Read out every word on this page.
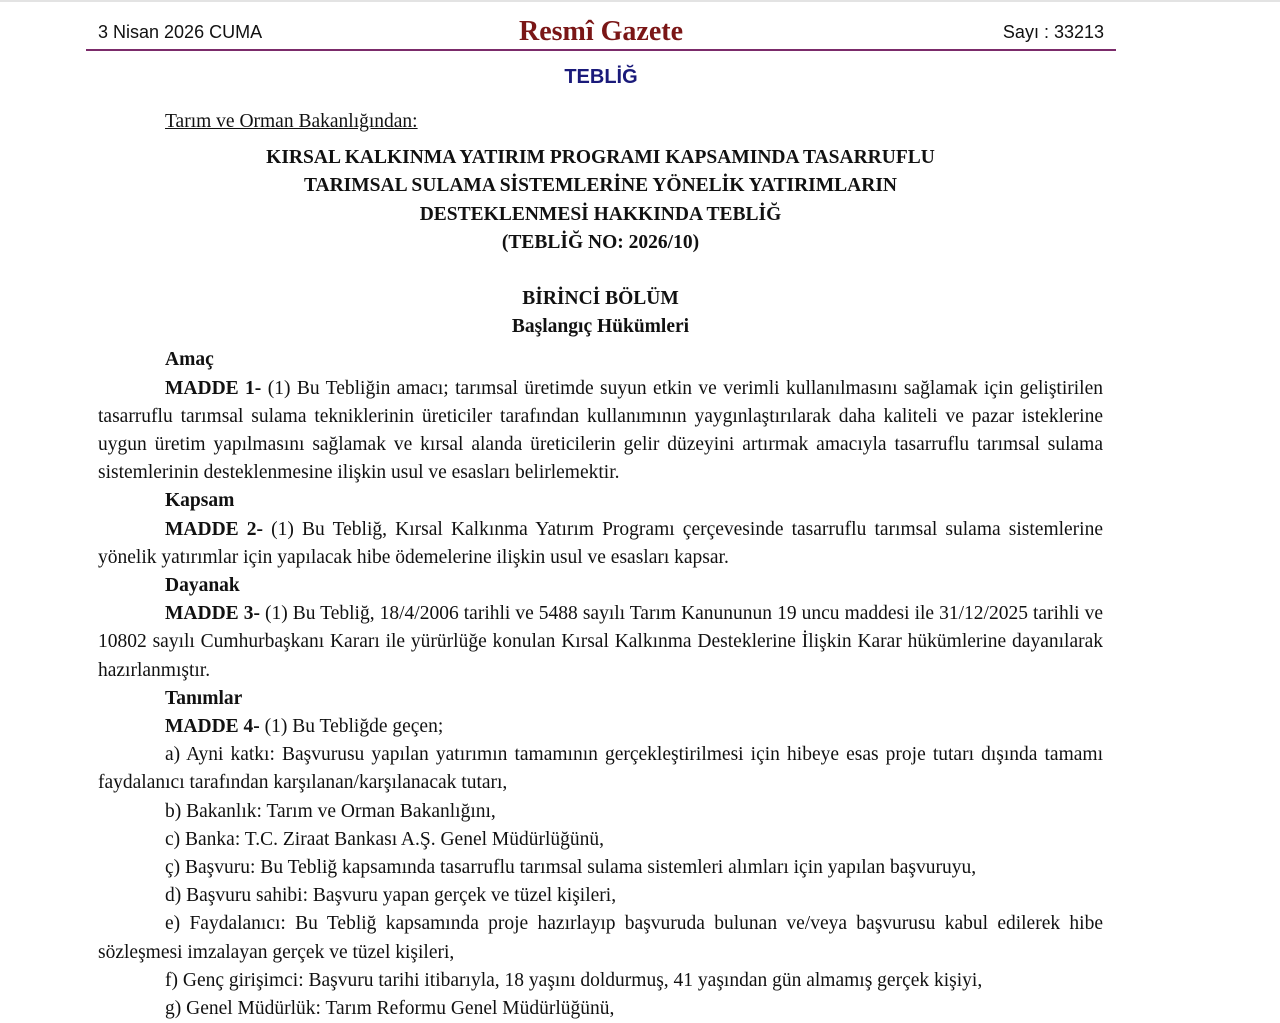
3 Nisan 2026 CUMA	Resmî Gazete	Sayı : 33213
TEBLİĞ

Tarım ve Orman Bakanlığından:

KIRSAL KALKINMA YATIRIM PROGRAMI KAPSAMINDA TASARRUFLU

TARIMSAL SULAMA SİSTEMLERİNE YÖNELİK YATIRIMLARIN

DESTEKLENMESİ HAKKINDA TEBLİĞ

(TEBLİĞ NO: 2026/10)

BİRİNCİ BÖLÜM

Başlangıç Hükümleri

Amaç

MADDE 1- (1) Bu Tebliğin amacı; tarımsal üretimde suyun etkin ve verimli kullanılmasını sağlamak için geliştirilen tasarruflu tarımsal sulama tekniklerinin üreticiler tarafından kullanımının yaygınlaştırılarak daha kaliteli ve pazar isteklerine uygun üretim yapılmasını sağlamak ve kırsal alanda üreticilerin gelir düzeyini artırmak amacıyla tasarruflu tarımsal sulama sistemlerinin desteklenmesine ilişkin usul ve esasları belirlemektir.

Kapsam

MADDE 2- (1) Bu Tebliğ, Kırsal Kalkınma Yatırım Programı çerçevesinde tasarruflu tarımsal sulama sistemlerine yönelik yatırımlar için yapılacak hibe ödemelerine ilişkin usul ve esasları kapsar.

Dayanak

MADDE 3- (1) Bu Tebliğ, 18/4/2006 tarihli ve 5488 sayılı Tarım Kanununun 19 uncu maddesi ile 31/12/2025 tarihli ve 10802 sayılı Cumhurbaşkanı Kararı ile yürürlüğe konulan Kırsal Kalkınma Desteklerine İlişkin Karar hükümlerine dayanılarak hazırlanmıştır.

Tanımlar

MADDE 4- (1) Bu Tebliğde geçen;

a) Ayni katkı: Başvurusu yapılan yatırımın tamamının gerçekleştirilmesi için hibeye esas proje tutarı dışında tamamı faydalanıcı tarafından karşılanan/karşılanacak tutarı,

b) Bakanlık: Tarım ve Orman Bakanlığını,

c) Banka: T.C. Ziraat Bankası A.Ş. Genel Müdürlüğünü,

ç) Başvuru: Bu Tebliğ kapsamında tasarruflu tarımsal sulama sistemleri alımları için yapılan başvuruyu,

d) Başvuru sahibi: Başvuru yapan gerçek ve tüzel kişileri,

e) Faydalanıcı: Bu Tebliğ kapsamında proje hazırlayıp başvuruda bulunan ve/veya başvurusu kabul edilerek hibe sözleşmesi imzalayan gerçek ve tüzel kişileri,

f) Genç girişimci: Başvuru tarihi itibarıyla, 18 yaşını doldurmuş, 41 yaşından gün almamış gerçek kişiyi,

g) Genel Müdürlük: Tarım Reformu Genel Müdürlüğünü,
